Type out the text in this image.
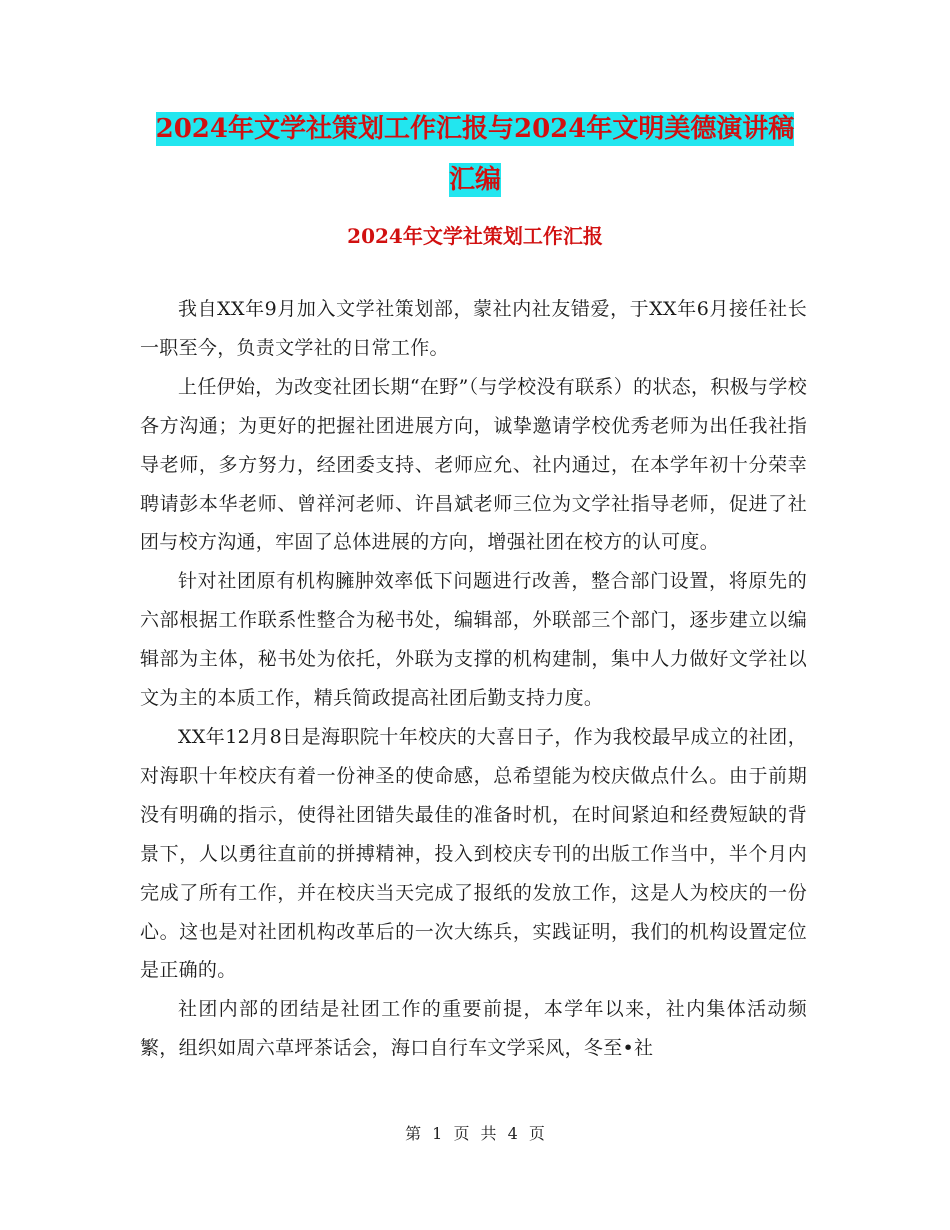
2024年文学社策划工作汇报与2024年文明美德演讲稿
汇编
2024年文学社策划工作汇报

我自XX年9月加入文学社策划部，蒙社内社友错爱，于XX年6月接任社长一职至今，负责文学社的日常工作。

上任伊始，为改变社团长期“在野”（与学校没有联系）的状态，积极与学校各方沟通；为更好的把握社团进展方向，诚挚邀请学校优秀老师为出任我社指导老师，多方努力，经团委支持、老师应允、社内通过，在本学年初十分荣幸聘请彭本华老师、曾祥河老师、许昌斌老师三位为文学社指导老师，促进了社团与校方沟通，牢固了总体进展的方向，增强社团在校方的认可度。

针对社团原有机构臃肿效率低下问题进行改善，整合部门设置，将原先的六部根据工作联系性整合为秘书处，编辑部，外联部三个部门，逐步建立以编辑部为主体，秘书处为依托，外联为支撑的机构建制，集中人力做好文学社以文为主的本质工作，精兵简政提高社团后勤支持力度。

XX年12月8日是海职院十年校庆的大喜日子，作为我校最早成立的社团，对海职十年校庆有着一份神圣的使命感，总希望能为校庆做点什么。由于前期没有明确的指示，使得社团错失最佳的准备时机，在时间紧迫和经费短缺的背景下，人以勇往直前的拼搏精神，投入到校庆专刊的出版工作当中，半个月内完成了所有工作，并在校庆当天完成了报纸的发放工作，这是人为校庆的一份心。这也是对社团机构改革后的一次大练兵，实践证明，我们的机构设置定位是正确的。

社团内部的团结是社团工作的重要前提，本学年以来，社内集体活动频繁，组织如周六草坪茶话会，海口自行车文学采风，冬至•社

第 1 页 共 4 页
